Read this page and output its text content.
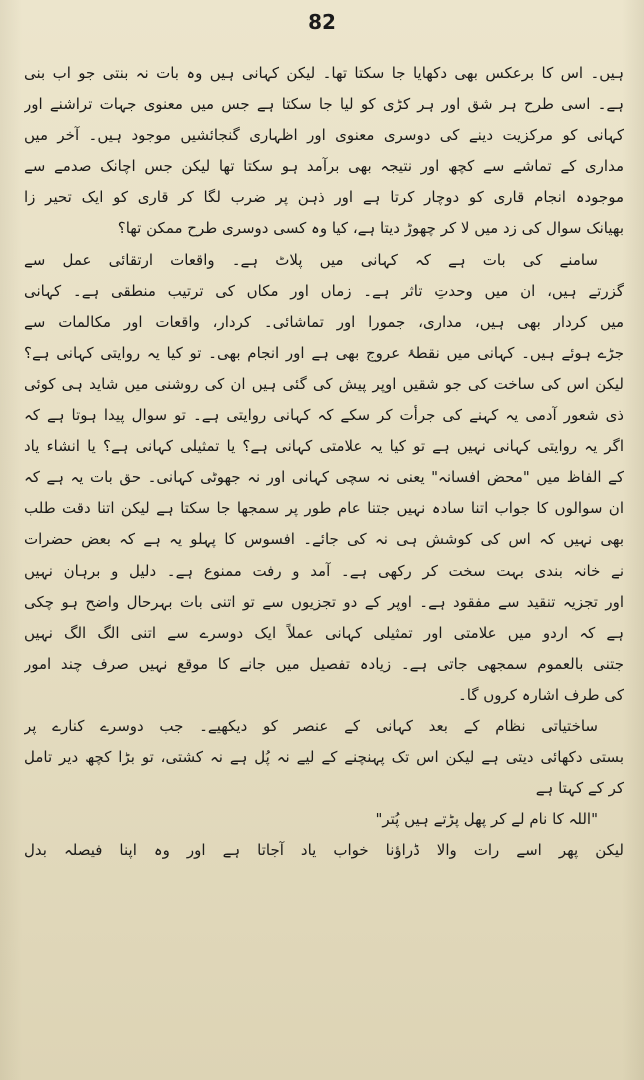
82
ہیں۔ اس کا برعکس بھی دکھایا جا سکتا تھا۔ لیکن کہانی ہیں وہ بات نہ بنتی جو اب بنی
ہے۔ اسی طرح ہر شق اور ہر کڑی کو لیا جا سکتا ہے جس میں معنوی جہات تراشنے اور
کہانی کو مرکزیت دینے کی دوسری معنوی اور اظہاری گنجائشیں موجود ہیں۔ آخر میں
مداری کے تماشے سے کچھ اور نتیجہ بھی برآمد ہو سکتا تھا لیکن جس اچانک صدمے سے
موجودہ انجام قاری کو دوچار کرتا ہے اور ذہن پر ضرب لگا کر قاری کو ایک تحیر زا
بھیانک سوال کی زد میں لا کر چھوڑ دیتا ہے، کیا وہ کسی دوسری طرح ممکن تھا؟
سامنے کی بات ہے کہ کہانی میں پلاٹ ہے۔ واقعات ارتقائی عمل سے
گزرتے ہیں، ان میں وحدتِ تاثر ہے۔ زماں اور مکاں کی ترتیب منطقی ہے۔ کہانی
میں کردار بھی ہیں، مداری، جمورا اور تماشائی۔ کردار، واقعات اور مکالمات سے
جڑے ہوئے ہیں۔ کہانی میں نقطۂ عروج بھی ہے اور انجام بھی۔ تو کیا یہ روایتی کہانی ہے؟
لیکن اس کی ساخت کی جو شقیں اوپر پیش کی گئی ہیں ان کی روشنی میں شاید ہی کوئی
ذی شعور آدمی یہ کہنے کی جرأت کر سکے کہ کہانی روایتی ہے۔ تو سوال پیدا ہوتا ہے کہ
اگر یہ روایتی کہانی نہیں ہے تو کیا یہ علامتی کہانی ہے؟ یا تمثیلی کہانی ہے؟ یا انشاء یاد
کے الفاظ میں "محض افسانہ" یعنی نہ سچی کہانی اور نہ جھوٹی کہانی۔ حق بات یہ ہے کہ
ان سوالوں کا جواب اتنا سادہ نہیں جتنا عام طور پر سمجھا جا سکتا ہے لیکن اتنا دقت طلب
بھی نہیں کہ اس کی کوشش ہی نہ کی جائے۔ افسوس کا پہلو یہ ہے کہ بعض حضرات
نے خانہ بندی بہت سخت کر رکھی ہے۔ آمد و رفت ممنوع ہے۔ دلیل و برہان نہیں
اور تجزیہ تنقید سے مفقود ہے۔ اوپر کے دو تجزیوں سے تو اتنی بات بہرحال واضح ہو چکی
ہے کہ اردو میں علامتی اور تمثیلی کہانی عملاً ایک دوسرے سے اتنی الگ الگ نہیں
جتنی بالعموم سمجھی جاتی ہے۔ زیادہ تفصیل میں جانے کا موقع نہیں صرف چند امور
کی طرف اشارہ کروں گا۔
ساختیاتی نظام کے بعد کہانی کے عنصر کو دیکھیے۔ جب دوسرے کنارے پر
بستی دکھائی دیتی ہے لیکن اس تک پہنچنے کے لیے نہ پُل ہے نہ کشتی، تو بڑا کچھ دیر تامل
کر کے کہتا ہے
"اللہ کا نام لے کر پھل پڑتے ہیں پُتر"
لیکن پھر اسے رات والا ڈراؤنا خواب یاد آجاتا ہے اور وہ اپنا فیصلہ بدل
